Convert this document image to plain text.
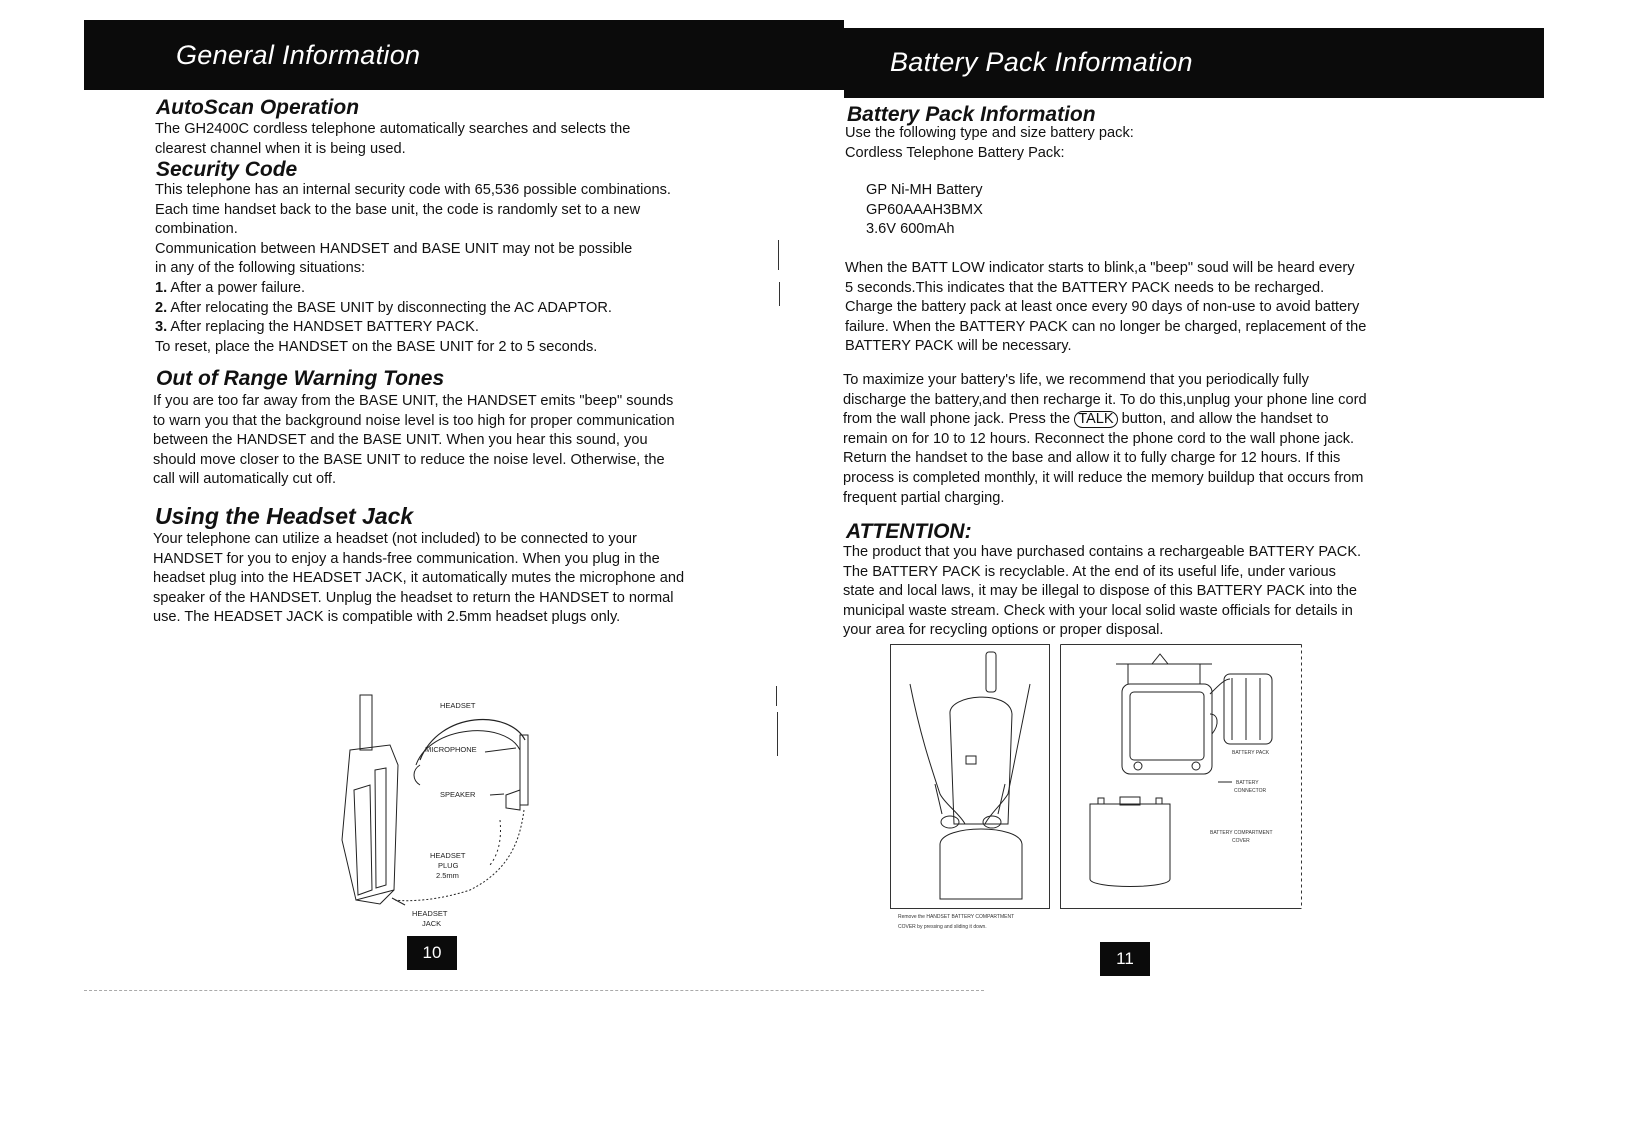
General Information
AutoScan Operation
The GH2400C cordless telephone automatically searches and selects the
clearest channel when it is being used.
Security Code
This telephone has an internal security code with 65,536 possible combinations.
Each time handset back to the base unit, the code is randomly set to a new
combination.
Communication between HANDSET and BASE UNIT may not be possible
in any of the following situations:
1. After a power failure.
2. After relocating the BASE UNIT by disconnecting the AC ADAPTOR.
3. After replacing the HANDSET BATTERY PACK.
To reset, place the HANDSET on the BASE UNIT for 2 to 5 seconds.
Out of Range Warning Tones
If you are too far away from the BASE UNIT, the HANDSET emits "beep" sounds
to warn you that the background noise level is too high for proper communication
between the HANDSET and the BASE UNIT. When you hear this sound, you
should move closer to the BASE UNIT to reduce the noise level. Otherwise, the
call will automatically cut off.
Using the Headset Jack
Your telephone can utilize a headset (not included) to be connected to your
HANDSET for you to enjoy a hands-free communication. When you plug in the
headset plug into the HEADSET JACK, it automatically mutes the microphone and
speaker of the HANDSET. Unplug the headset to return the HANDSET to normal
use. The HEADSET JACK is compatible with 2.5mm headset plugs only.
HEADSET
MICROPHONE
SPEAKER
HEADSET
PLUG
2.5mm
HEADSET
JACK
10
Battery Pack Information
Battery Pack Information
Use the following type and size battery pack:
Cordless Telephone Battery Pack:
GP Ni-MH Battery
GP60AAAH3BMX
3.6V 600mAh
When the BATT LOW indicator starts to blink,a "beep" soud will be heard every
5 seconds.This indicates that the BATTERY PACK needs to be recharged.
Charge the battery pack at least once every 90 days of non-use to avoid battery
failure. When the BATTERY PACK can no longer be charged, replacement of the
BATTERY PACK will be necessary.
To maximize your battery's life, we recommend that you periodically fully
discharge the battery,and then recharge it. To do this,unplug your phone line cord
from the wall phone jack. Press the TALK button, and allow the handset to
remain on for 10 to 12 hours. Reconnect the phone cord to the wall phone jack.
Return the handset to the base and allow it to fully charge for 12 hours. If this
process is completed monthly, it will reduce the memory buildup that occurs from
frequent partial charging.
ATTENTION:
The product that you have purchased contains a rechargeable BATTERY PACK.
The BATTERY PACK is recyclable. At the end of its useful life, under various
state and local laws, it may be illegal to dispose of this BATTERY PACK into the
municipal waste stream. Check with your local solid waste officials for details in
your area for recycling options or proper disposal.
Remove the HANDSET BATTERY COMPARTMENT
COVER by pressing and sliding it down.
BATTERY PACK
BATTERY
CONNECTOR
BATTERY COMPARTMENT
COVER
11
